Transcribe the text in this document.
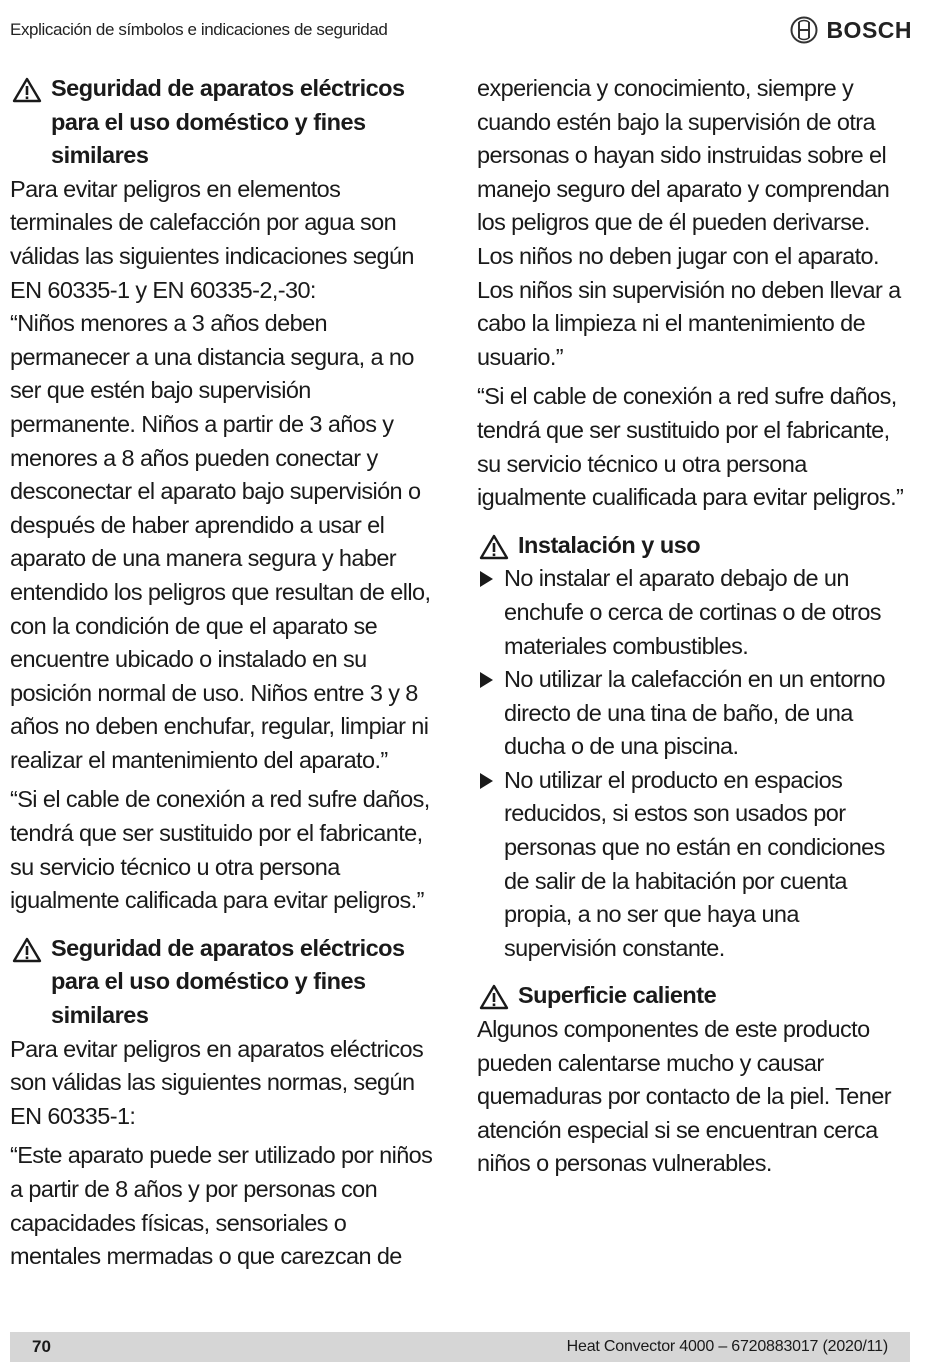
Explicación de símbolos e indicaciones de seguridad	BOSCH
Seguridad de aparatos eléctricos para el uso doméstico y fines similares

Para evitar peligros en elementos terminales de calefacción por agua son válidas las siguientes indicaciones según EN 60335-1 y EN 60335-2,-30:

“Niños menores a 3 años deben permanecer a una distancia segura, a no ser que estén bajo supervisión permanente. Niños a partir de 3 años y menores a 8 años pueden conectar y desconectar el aparato bajo supervisión o después de haber aprendido a usar el aparato de una manera segura y haber entendido los peligros que resultan de ello, con la condición de que el aparato se encuentre ubicado o instalado en su posición normal de uso. Niños entre 3 y 8 años no deben enchufar, regular, limpiar ni realizar el mantenimiento del aparato.”

“Si el cable de conexión a red sufre daños, tendrá que ser sustituido por el fabricante, su servicio técnico u otra persona igualmente calificada para evitar peligros.”

Seguridad de aparatos eléctricos para el uso doméstico y fines similares

Para evitar peligros en aparatos eléctricos son válidas las siguientes normas, según EN 60335-1:

“Este aparato puede ser utilizado por niños a partir de 8 años y por personas con capacidades físicas, sensoriales o mentales mermadas o que carezcan de

experiencia y conocimiento, siempre y cuando estén bajo la supervisión de otra personas o hayan sido instruidas sobre el manejo seguro del aparato y comprendan los peligros que de él pueden derivarse. Los niños no deben jugar con el aparato. Los niños sin supervisión no deben llevar a cabo la limpieza ni el mantenimiento de usuario.”

“Si el cable de conexión a red sufre daños, tendrá que ser sustituido por el fabricante, su servicio técnico u otra persona igualmente cualificada para evitar peligros.”

Instalación y uso
No instalar el aparato debajo de un enchufe o cerca de cortinas o de otros materiales combustibles.
No utilizar la calefacción en un entorno directo de una tina de baño, de una ducha o de una piscina.
No utilizar el producto en espacios reducidos, si estos son usados por personas que no están en condiciones de salir de la habitación por cuenta propia, a no ser que haya una supervisión constante.
Superficie caliente

Algunos componentes de este producto pueden calentarse mucho y causar quemaduras por contacto de la piel. Tener atención especial si se encuentran cerca niños o personas vulnerables.

70	Heat Convector 4000 – 6720883017 (2020/11)
